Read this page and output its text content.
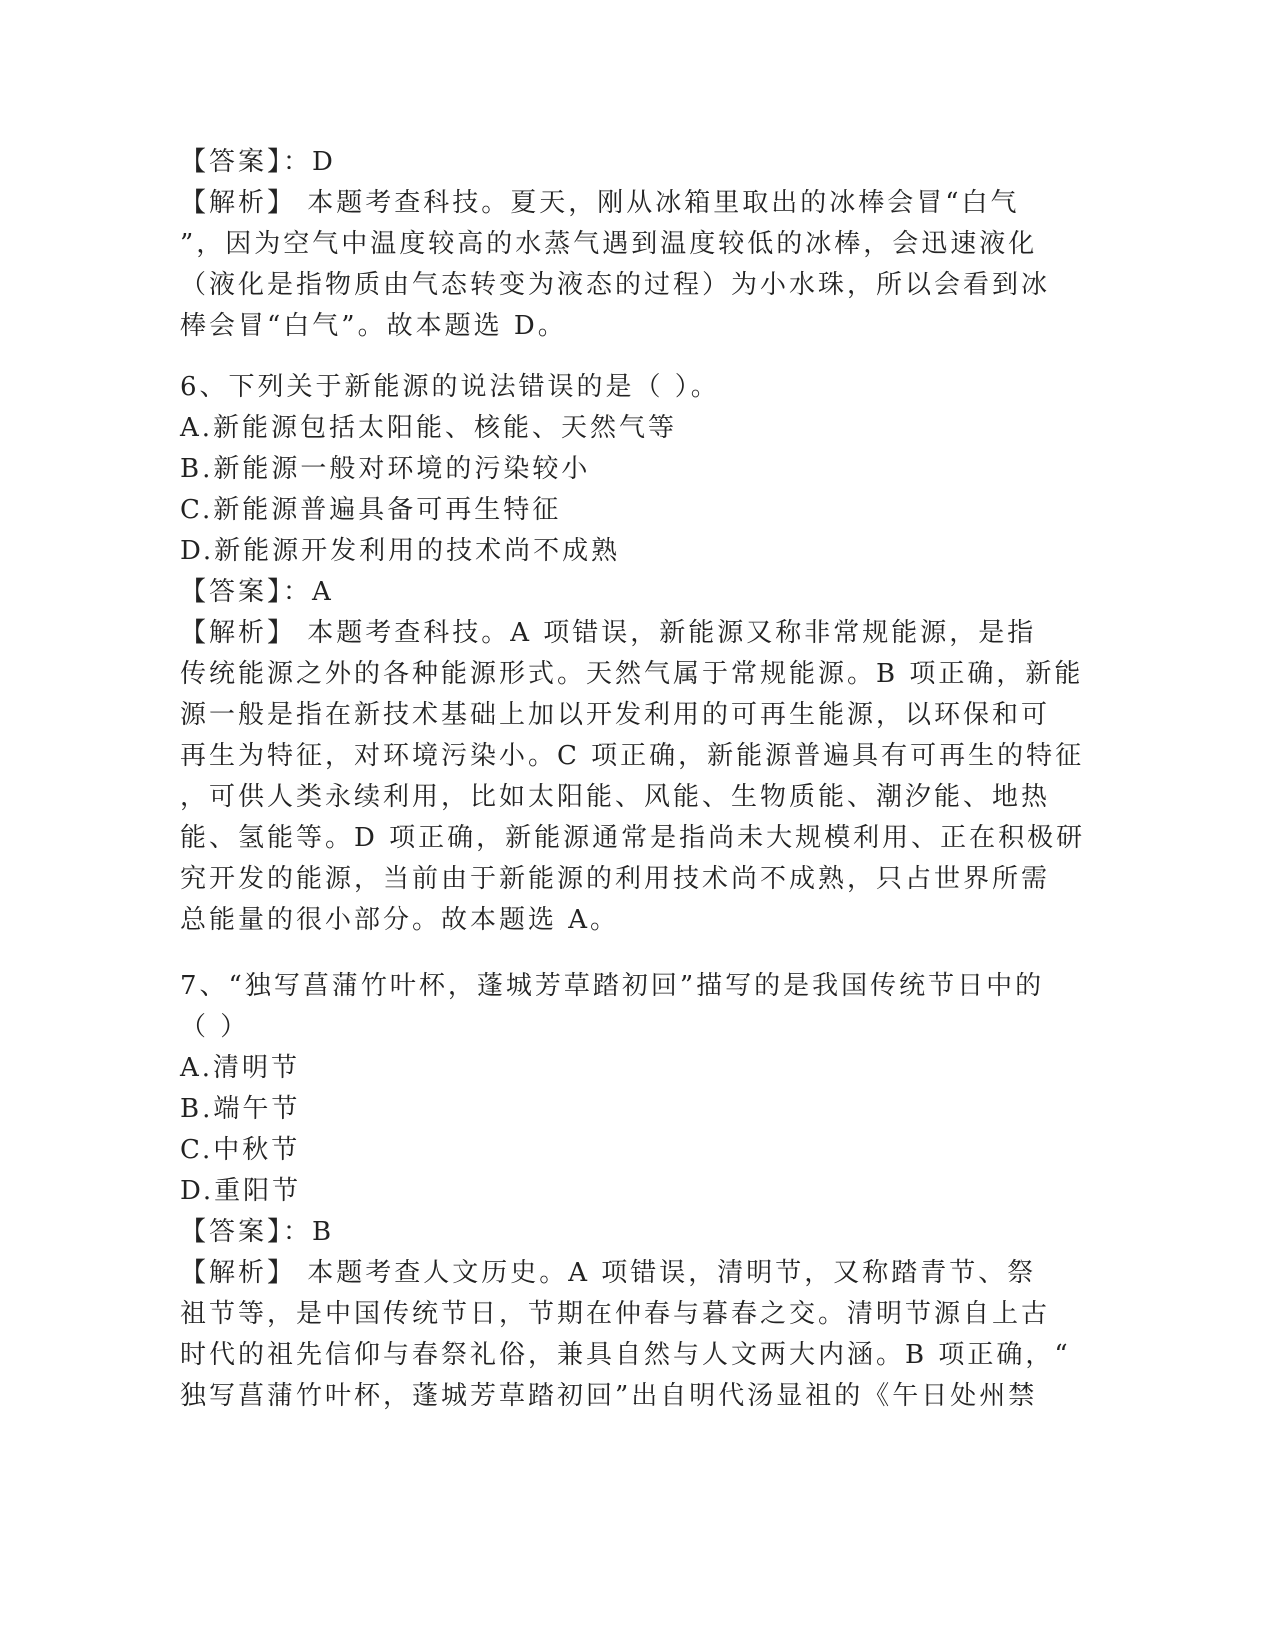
【答案】：D
【解析】 本题考查科技。夏天，刚从冰箱里取出的冰棒会冒“白气
”，因为空气中温度较高的水蒸气遇到温度较低的冰棒，会迅速液化
（液化是指物质由气态转变为液态的过程）为小水珠，所以会看到冰
棒会冒“白气”。故本题选 D。
6、下列关于新能源的说法错误的是（ ）。
A.新能源包括太阳能、核能、天然气等
B.新能源一般对环境的污染较小
C.新能源普遍具备可再生特征
D.新能源开发利用的技术尚不成熟
【答案】：A
【解析】 本题考查科技。A 项错误，新能源又称非常规能源，是指
传统能源之外的各种能源形式。天然气属于常规能源。B 项正确，新能
源一般是指在新技术基础上加以开发利用的可再生能源，以环保和可
再生为特征，对环境污染小。C 项正确，新能源普遍具有可再生的特征
，可供人类永续利用，比如太阳能、风能、生物质能、潮汐能、地热
能、氢能等。D 项正确，新能源通常是指尚未大规模利用、正在积极研
究开发的能源，当前由于新能源的利用技术尚不成熟，只占世界所需
总能量的很小部分。故本题选 A。
7、“独写菖蒲竹叶杯，蓬城芳草踏初回”描写的是我国传统节日中的
（ ）
A.清明节
B.端午节
C.中秋节
D.重阳节
【答案】：B
【解析】 本题考查人文历史。A 项错误，清明节，又称踏青节、祭
祖节等，是中国传统节日，节期在仲春与暮春之交。清明节源自上古
时代的祖先信仰与春祭礼俗，兼具自然与人文两大内涵。B 项正确，“
独写菖蒲竹叶杯，蓬城芳草踏初回”出自明代汤显祖的《午日处州禁
